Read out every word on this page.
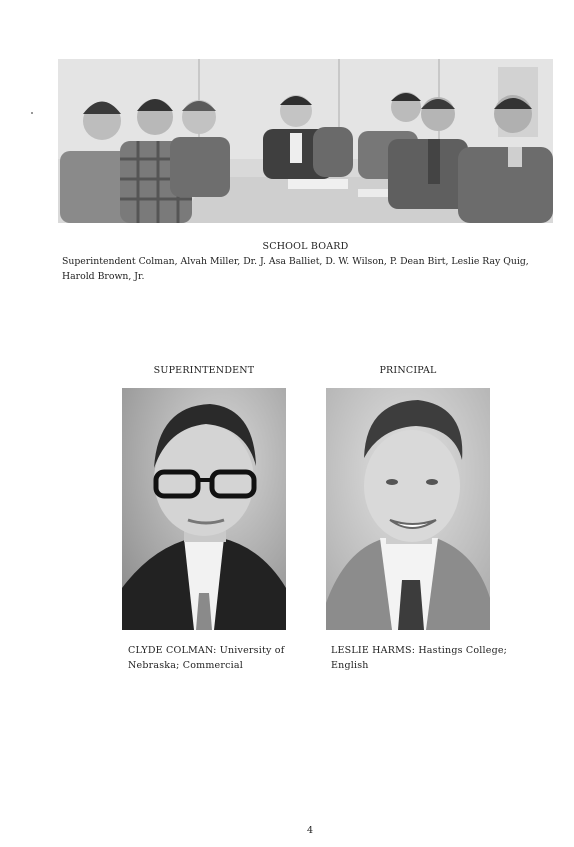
SCHOOL BOARD
Superintendent Colman, Alvah Miller, Dr. J. Asa Balliet, D. W. Wilson, P. Dean Birt, Leslie Ray Quig, Harold Brown, Jr.
SUPERINTENDENT	PRINCIPAL
CLYDE COLMAN: University of Nebraska; Commercial
LESLIE HARMS: Hastings College; English
4
